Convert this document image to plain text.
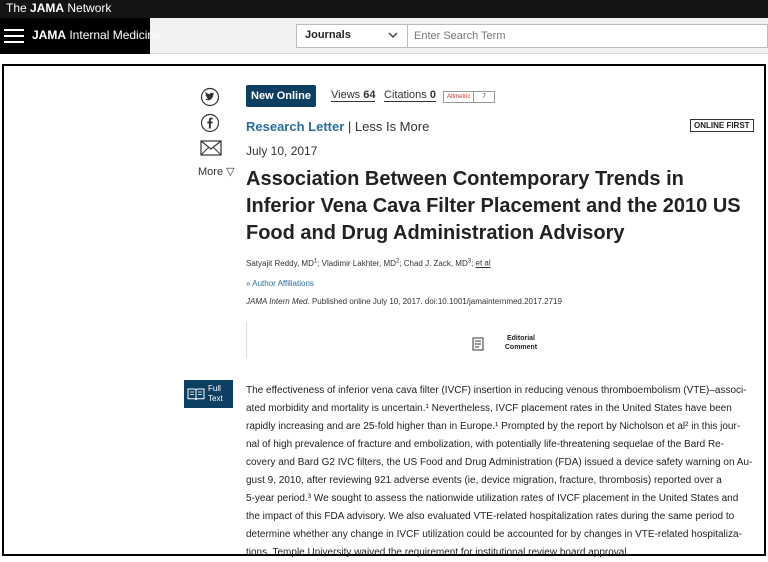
The JAMA Network
JAMA Internal Medicine	Journals
Enter Search Term
More ▽
New Online	Views 64 Citations 0	Altmetric 7
Research Letter | Less Is More	ONLINE FIRST
July 10, 2017
Association Between Contemporary Trends in Inferior Vena Cava Filter Placement and the 2010 US Food and Drug Administration Advisory
Satyajit Reddy, $MD^1$; Vladimir Lakhter, $MD^2$; Chad J. Zack, $MD^3$; et al
» Author Affiliations
JAMA Intern Med. Published online July 10, 2017. doi:10.1001/jamainternmed.2017.2719
Editorial Comment
Full
Text
The effectiveness of inferior vena cava filter (IVCF) insertion in reducing venous thromboembolism (VTE)–associ-
ated morbidity and mortality is uncertain.¹ Nevertheless, IVCF placement rates in the United States have been
rapidly increasing and are 25-fold higher than in Europe.¹ Prompted by the report by Nicholson et al² in this jour-
nal of high prevalence of fracture and embolization, with potentially life-threatening sequelae of the Bard Re-
covery and Bard G2 IVC filters, the US Food and Drug Administration (FDA) issued a device safety warning on Au-
gust 9, 2010, after reviewing 921 adverse events (ie, device migration, fracture, thrombosis) reported over a
5-year period.³ We sought to assess the nationwide utilization rates of IVCF placement in the United States and
the impact of this FDA advisory. We also evaluated VTE-related hospitalization rates during the same period to
determine whether any change in IVCF utilization could be accounted for by changes in VTE-related hospitaliza-
tions. Temple University waived the requirement for institutional review board approval.
